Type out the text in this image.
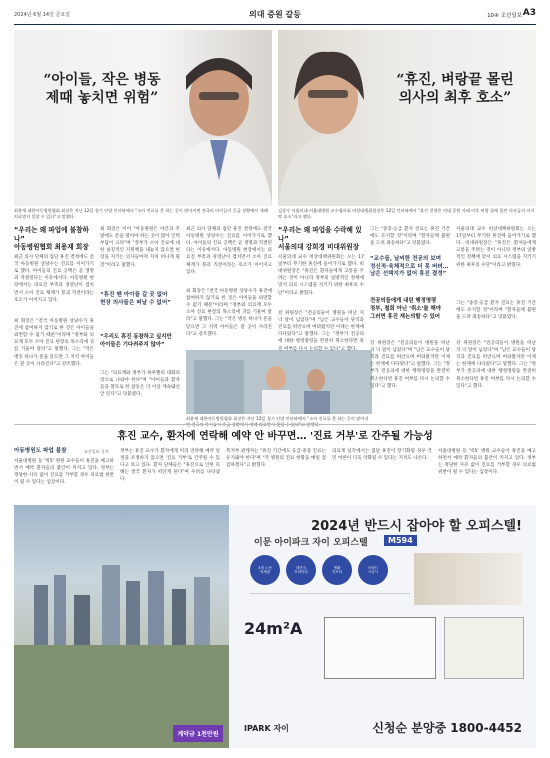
2024년 6월 14일 금요일	의대 증원 갈등	10④ 조선일보 A3
“아이들, 작은 병동
제때 놓치면 위험”
최용재 대한아동병원협회 회장은 지난 12일 경기 안양 인터뷰에서 "소아 진료를 못 하는 곳이 많아지면 전국의 아이들이 응급 상황에서 제때 치료받지 못할 수 있다"고 말했다.
“휴진, 벼랑끝 몰린
의사의 최후 호소”
김창수 서울의대·서울대병원 교수협의회 비상대책위원장은 12일 인터뷰에서 "휴진 결정은 의대 증원 사태 이후 벼랑 끝에 몰린 의사들의 마지막 호소"라고 했다.
“우리는 왜 파업에 불참하나”
아동병원협회 최용재 회장
최근 의사 단체의 집단 휴진 결정에도 전국 아동병원 상당수는 진료를 이어가기로 했다. 아이들의 진료 공백은 곧 생명과 직결된다는 이유에서다. 아동병원 현장에서는 의료진 부족과 경영난이 겹치면서 소아 진료 체계가 붕괴 직전이라는 호소가 이어지고 있다.
최 회장은 "전국 아동병원 상당수가 휴진에 참여하지 않기로 한 것은 아이들을 외면할 수 없기 때문"이라며 "정부와 의료계 모두 소아 진료 현장의 목소리에 귀를 기울여 달라"고 말했다. 그는 "작은 병동 하나가 문을 닫으면 그 지역 아이들은 갈 곳이 사라진다"고 강조했다.
최 회장은 이어 "아동병원은 야간과 주말에도 문을 열어야 하는 곳이 많아 인력 부담이 크다"며 "정부가 소아 진료에 대한 실질적인 지원책을 내놓지 않으면 현장을 지키는 의사들마저 지쳐 떠나게 될 것"이라고 말했다.
“휴진 땐 아이들 갈 곳 없어
현장 의사들은 떠날 수 없어”
“우리도 휴진 동참하고 싶지만
아이들은 기다려주지 않아”
그는 "의료계와 정부가 하루빨리 대화의 장으로 나와야 한다"며 "아이들과 환자들을 볼모로 한 갈등은 더 이상 계속돼선 안 된다"고 덧붙였다.
최근 의사 단체의 집단 휴진 결정에도 전국 아동병원 상당수는 진료를 이어가기로 했다. 아이들의 진료 공백은 곧 생명과 직결된다는 이유에서다. 아동병원 현장에서는 의료진 부족과 경영난이 겹치면서 소아 진료 체계가 붕괴 직전이라는 호소가 이어지고 있다.
최 회장은 "전국 아동병원 상당수가 휴진에 참여하지 않기로 한 것은 아이들을 외면할 수 없기 때문"이라며 "정부와 의료계 모두 소아 진료 현장의 목소리에 귀를 기울여 달라"고 말했다. 그는 "작은 병동 하나가 문을 닫으면 그 지역 아이들은 갈 곳이 사라진다"고 강조했다.
최용재 대한아동병원협회 회장은 지난 12일 경기 안양 인터뷰에서 "소아 진료를 못 하는 곳이 많아지
“우리는 왜 파업을 수락해 있나”
서울의대 강희경 비대위원장
서울의대 교수 비상대책위원회는 오는 17일부터 무기한 휴진에 들어가기로 했다. 비대위원장은 "휴진은 환자들에게 고통을 주려는 것이 아니라 정부의 일방적인 정책에 맞서 의료 시스템을 지키기 위한 최후의 수단"이라고 밝혔다.
강 위원장은 "전공의들이 병원을 떠난 지 넉 달이 넘었다"며 "남은 교수들이 당직과 진료를 떠안으며 버텨왔지만 이제는 한계에 다다랐다"고 말했다. 그는 "정부가 전공의에 대한 행정명령을 완전히 취소한다면 휴진 여부를 다시 논의할 수 있다"고 했다.
그는 "중증·응급 환자 진료는 휴진 기간에도 유지할 것"이라며 "환자들께 불편을 드려 죄송하다"고 덧붙였다.
“교수들, 날씨한 전공의 보며
정신적·육체적으로 더 못 버텨…
남은 선택지가 없어 휴진 결정”
전공의들에게 내린 행정명령
정부, 철회 아닌 ‘취소’를 해야
그러면 휴진 재논의할 수 있어
강 위원장은 "전공의들이 병원을 떠난 지 넉 달이 넘었다"며 "남은 교수들이 당직과 진료를 떠안으며 버텨왔지만 이제는 한계에 다다랐다"고 말했다. 그는 "정부가 전공의에 대한 행정명령을 완전히 취소한다면 휴진 여부를 다시 논의할 수 있다"고 했다.
서울의대 교수 비상대책위원회는 오는 17일부터 무기한 휴진에 들어가기로 했다. 비대위원장은 "휴진은 환자들에게 고통을 주려는 것이 아니라 정부의 일방적인 정책에 맞서 의료 시스템을 지키기 위한 최후의 수단"이라고 밝혔다.
그는 "중증·응급 환자 진료는 휴진 기간에도 유지할 것"이라며 "환자들께 불편을 드려 죄송하다"고 덧붙였다.
강 위원장은 "전공의들이 병원을 떠난 지 넉 달이 넘었다"며 "남은 교수들이 당직과 진료를 떠안으며 버텨왔지만 이제는 한계에 다다랐다"고 말했다. 그는 "정부가 전공의에 대한 행정명령을 완전히 취소한다면 휴진 여부를 다시 논의할 수 있다"고 했다.
휴진 교수, 환자에 연락해 예약 안 바꾸면… '진료 거부'로 간주될 가능성
아동병원도 파업 불참	조선일보 기자
서울대병원 등 '빅5' 병원 교수들이 휴진을 예고하면서 예약 환자들의 불안이 커지고 있다. 정부는 정당한 사유 없이 진료를 거부할 경우 의료법 위반이 될 수 있다는 입장이다.
정부는 휴진 교수가 환자에게 미리 연락해 예약 일정을 조정하지 않으면 '진료 거부'로 간주될 수 있다고 보고 있다. 환자 단체들은 "휴진으로 인한 피해는 결국 환자가 떠안게 된다"며 우려를 나타냈다.
복지부 관계자는 "휴진 기간에도 응급·중증 진료는 유지돼야 한다"며 "각 병원의 진료 현황을 매일 점검하겠다"고 밝혔다.
의료계 일각에서는 집단 휴진이 장기화될 경우 국민 여론이 더욱 악화될 수 있다는 지적도 나온다.
서울대병원 등 '빅5' 병원 교수들이 휴진을 예고하면서 예약 환자들의 불안이 커지고 있다. 정부는 정당한 사유 없이 진료를 거부할 경우 의료법 위반이 될 수 있다는 입장이다.
계약금 1천만원
2024년 반드시 잡아야 할 오피스텔!
이문 아이파크 자이 오피스텔	M594
4개 노선
역세권
대단지
프리미엄
생활
인프라
브랜드
시공사
24m²A
IPARK 자이	신청순 분양중 1800-4452
